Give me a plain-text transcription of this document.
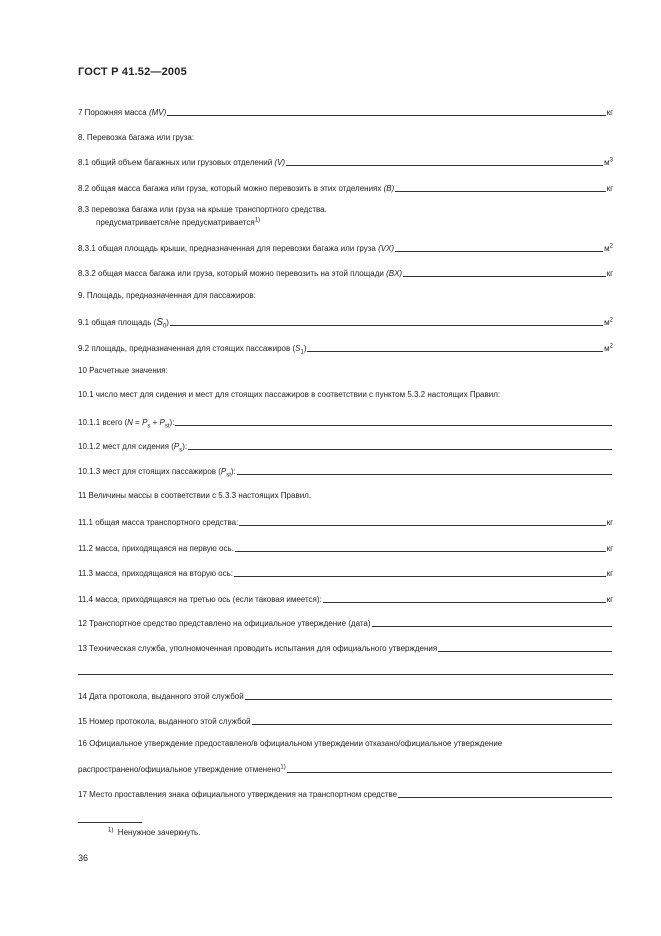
ГОСТ Р 41.52—2005
7 Порожняя масса (MV)	кг
8. Перевозка багажа или груза:
8.1 общий объем багажных или грузовых отделений (V)	$м^3$
8.2 общая масса багажа или груза, который можно перевозить в этих отделениях (B)	кг
8.3 перевозка багажа или груза на крыше транспортного средства.
предусматривается/не предусматривается$^{1)}$
8.3.1 общая площадь крыши, предназначенная для перевозки багажа или груза (VX)	$м^2$
8.3.2 общая масса багажа или груза, который можно перевозить на этой площади (BX)	кг
9. Площадь, предназначенная для пассажиров:
9.1 общая площадь $(S_0)$	$м^2$
9.2 площадь, предназначенная для стоящих пассажиров $(S_1)$	$м^2$
10 Расчетные значения:
10.1 число мест для сидения и мест для стоящих пассажиров в соответствии с пунктом 5.3.2 настоящих Правил:
10.1.1 всего $(N = P_s + P_{st})$:
10.1.2 мест для сидения $(P_s)$:
10.1.3 мест для стоящих пассажиров $(P_{st})$:
11 Величины массы в соответствии с 5.3.3 настоящих Правил.
11.1 общая масса транспортного средства:	кг
11.2 масса, приходящаяся на первую ось.	кг
11.3 масса, приходящаяся на вторую ось:	кг
11.4 масса, приходящаяся на третью ось (если таковая имеется):	кг
12 Транспортное средство представлено на официальное утверждение (дата)
13 Техническая служба, уполномоченная проводить испытания для официального утверждения
14 Дата протокола, выданного этой службой
15 Номер протокола, выданного этой службой
16 Официальное утверждение предоставлено/в официальном утверждении отказано/официальное утверждение
распространено/официальное утверждение отменено$^{1)}$
17 Место проставления знака официального утверждения на транспортном средстве
$^{1)}$ Ненужное зачеркнуть.
36
